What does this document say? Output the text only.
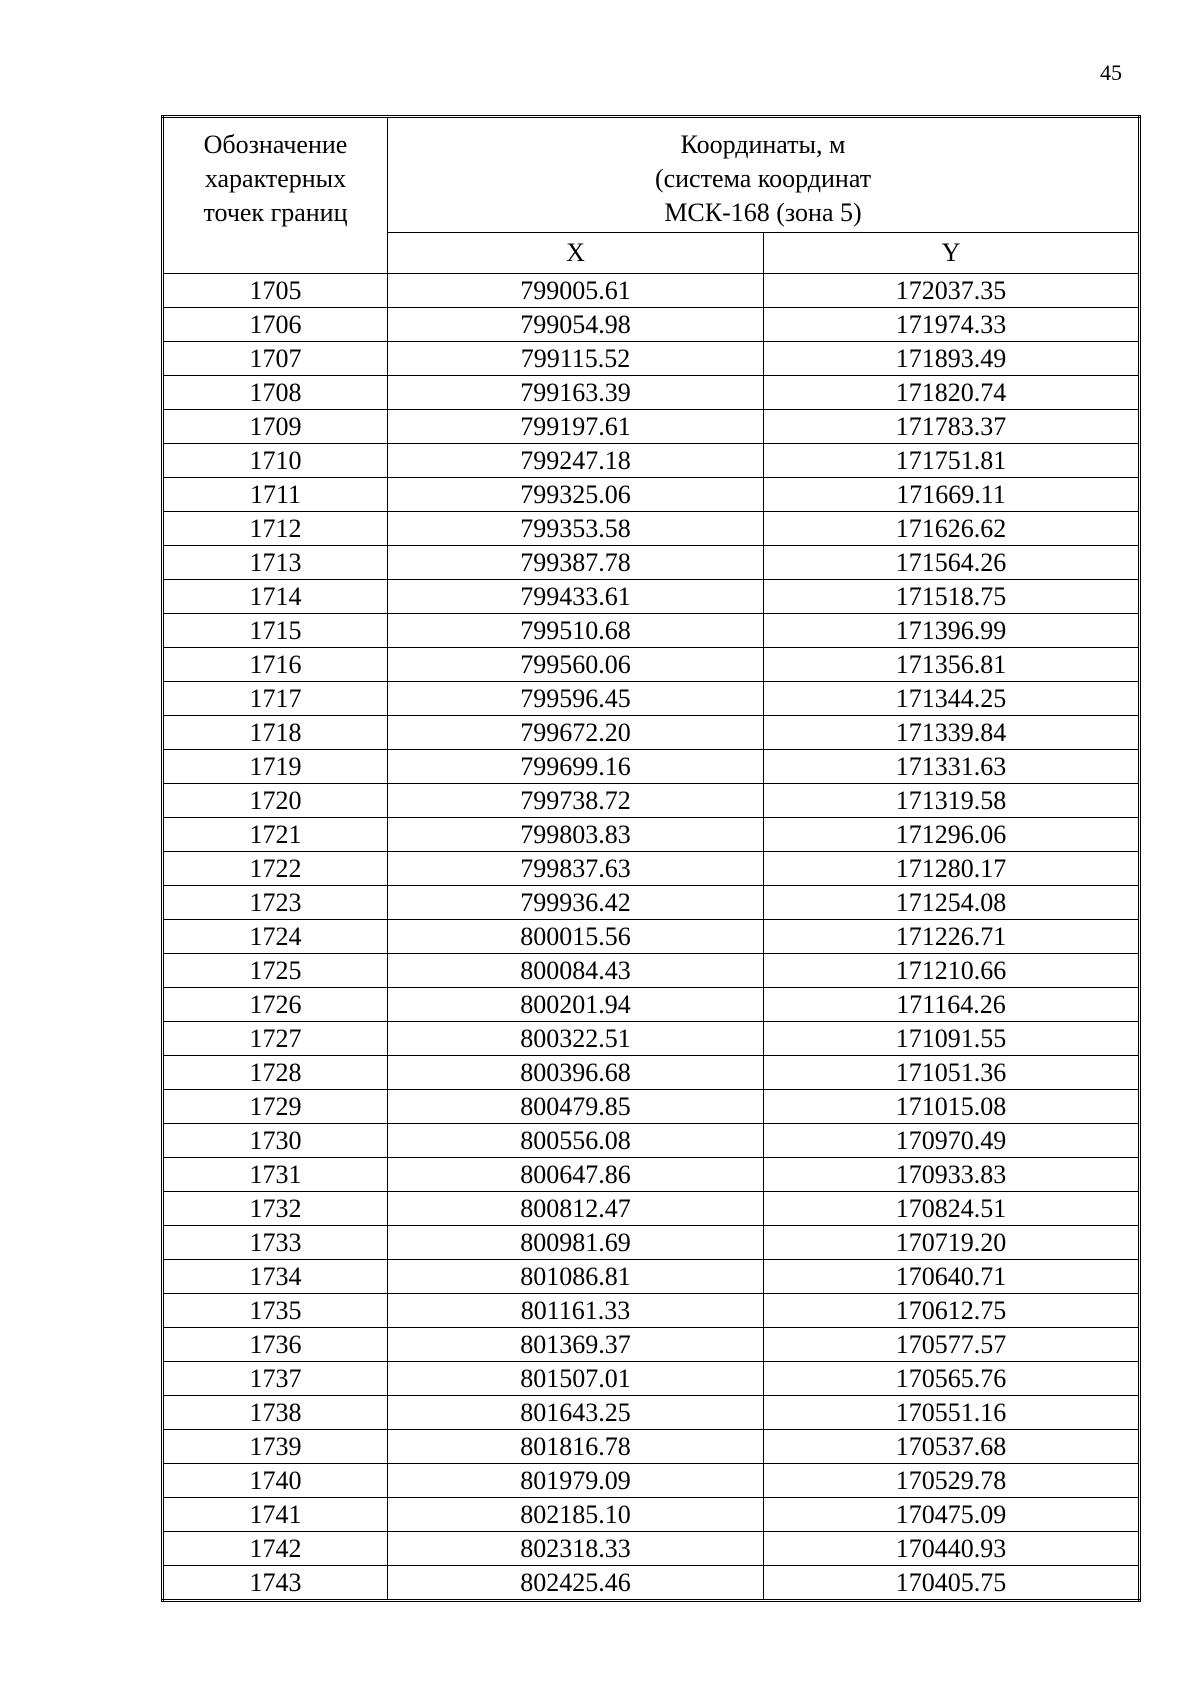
45
Обозначение
характерных
точек границ	Координаты, м
(система координат
МСК-168 (зона 5)	

	X	Y
1705	799005.61	172037.35
1706	799054.98	171974.33
1707	799115.52	171893.49
1708	799163.39	171820.74
1709	799197.61	171783.37
1710	799247.18	171751.81
1711	799325.06	171669.11
1712	799353.58	171626.62
1713	799387.78	171564.26
1714	799433.61	171518.75
1715	799510.68	171396.99
1716	799560.06	171356.81
1717	799596.45	171344.25
1718	799672.20	171339.84
1719	799699.16	171331.63
1720	799738.72	171319.58
1721	799803.83	171296.06
1722	799837.63	171280.17
1723	799936.42	171254.08
1724	800015.56	171226.71
1725	800084.43	171210.66
1726	800201.94	171164.26
1727	800322.51	171091.55
1728	800396.68	171051.36
1729	800479.85	171015.08
1730	800556.08	170970.49
1731	800647.86	170933.83
1732	800812.47	170824.51
1733	800981.69	170719.20
1734	801086.81	170640.71
1735	801161.33	170612.75
1736	801369.37	170577.57
1737	801507.01	170565.76
1738	801643.25	170551.16
1739	801816.78	170537.68
1740	801979.09	170529.78
1741	802185.10	170475.09
1742	802318.33	170440.93
1743	802425.46	170405.75
